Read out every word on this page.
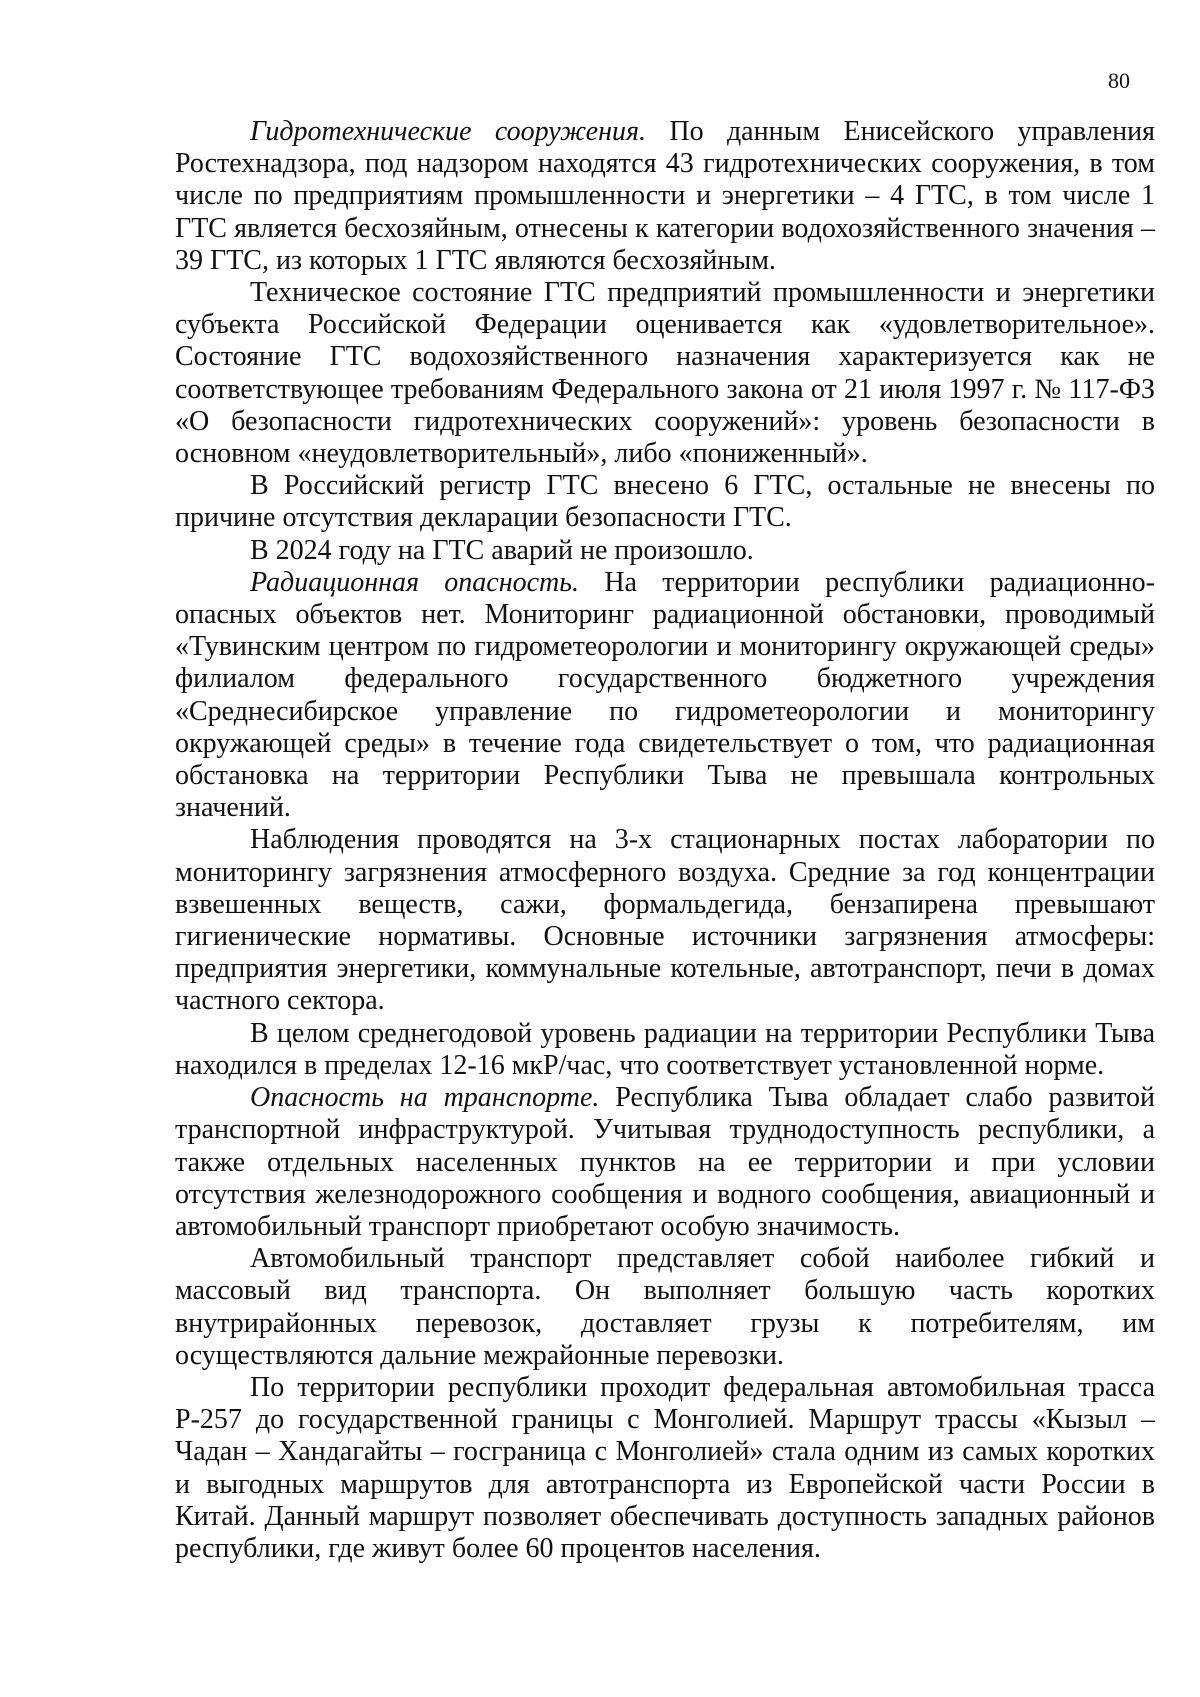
80

Гидротехнические сооружения. По данным Енисейского управления Ростехнадзора, под надзором находятся 43 гидротехнических сооружения, в том числе по предприятиям промышленности и энергетики – 4 ГТС, в том числе 1 ГТС является бесхозяйным, отнесены к категории водохозяйственного значения – 39 ГТС, из которых 1 ГТС являются бесхозяйным.

Техническое состояние ГТС предприятий промышленности и энергетики субъекта Российской Федерации оценивается как «удовлетворительное». Состояние ГТС водохозяйственного назначения характеризуется как не соответствующее требованиям Федерального закона от 21 июля 1997 г. № 117-ФЗ «О безопасности гидротехнических сооружений»: уровень безопасности в основном «неудовлетворительный», либо «пониженный».

В Российский регистр ГТС внесено 6 ГТС, остальные не внесены по причине отсутствия декларации безопасности ГТС.

В 2024 году на ГТС аварий не произошло.

Радиационная опасность. На территории республики радиационно-опасных объектов нет. Мониторинг радиационной обстановки, проводимый «Тувинским центром по гидрометеорологии и мониторингу окружающей среды» филиалом федерального государственного бюджетного учреждения «Среднесибирское управление по гидрометеорологии и мониторингу окружающей среды» в течение года свидетельствует о том, что радиационная обстановка на территории Республики Тыва не превышала контрольных значений.

Наблюдения проводятся на 3-х стационарных постах лаборатории по мониторингу загрязнения атмосферного воздуха. Средние за год концентрации взвешенных веществ, сажи, формальдегида, бензапирена превышают гигиенические нормативы. Основные источники загрязнения атмосферы: предприятия энергетики, коммунальные котельные, автотранспорт, печи в домах частного сектора.

В целом среднегодовой уровень радиации на территории Республики Тыва находился в пределах 12-16 мкР/час, что соответствует установленной норме.

Опасность на транспорте. Республика Тыва обладает слабо развитой транспортной инфраструктурой. Учитывая труднодоступность республики, а также отдельных населенных пунктов на ее территории и при условии отсутствия железнодорожного сообщения и водного сообщения, авиационный и автомобильный транспорт приобретают особую значимость.

Автомобильный транспорт представляет собой наиболее гибкий и массовый вид транспорта. Он выполняет большую часть коротких внутрирайонных перевозок, доставляет грузы к потребителям, им осуществляются дальние межрайонные перевозки.

По территории республики проходит федеральная автомобильная трасса Р-257 до государственной границы с Монголией. Маршрут трассы «Кызыл – Чадан – Хандагайты – госграница с Монголией» стала одним из самых коротких и выгодных маршрутов для автотранспорта из Европейской части России в Китай. Данный маршрут позволяет обеспечивать доступность западных районов республики, где живут более 60 процентов населения.
